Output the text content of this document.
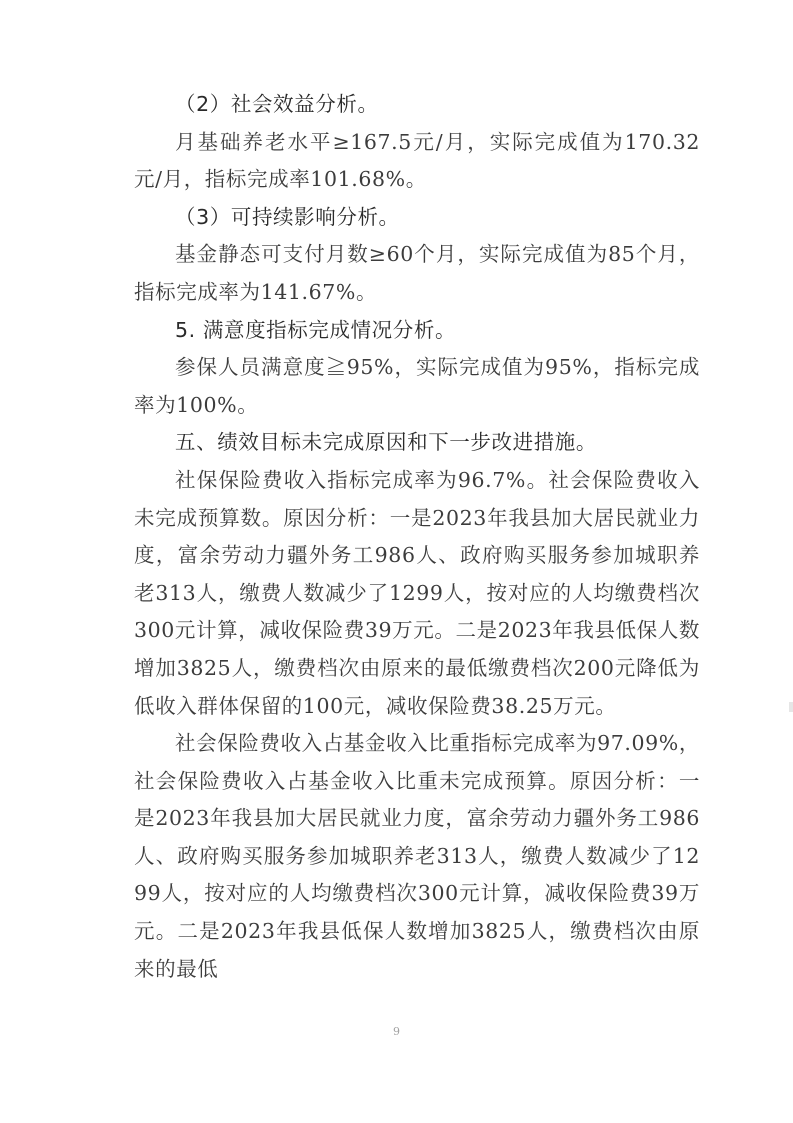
（2）社会效益分析。

月基础养老水平≥167.5元/月，实际完成值为170.32元/月，指标完成率101.68%。

（3）可持续影响分析。

基金静态可支付月数≥60个月，实际完成值为85个月，指标完成率为141.67%。

5. 满意度指标完成情况分析。

参保人员满意度≧95%，实际完成值为95%，指标完成率为100%。

五、绩效目标未完成原因和下一步改进措施。

社保保险费收入指标完成率为96.7%。社会保险费收入未完成预算数。原因分析：一是2023年我县加大居民就业力度，富余劳动力疆外务工986人、政府购买服务参加城职养老313人，缴费人数减少了1299人，按对应的人均缴费档次300元计算，减收保险费39万元。二是2023年我县低保人数增加3825人，缴费档次由原来的最低缴费档次200元降低为低收入群体保留的100元，减收保险费38.25万元。

社会保险费收入占基金收入比重指标完成率为97.09%，社会保险费收入占基金收入比重未完成预算。原因分析：一是2023年我县加大居民就业力度，富余劳动力疆外务工986人、政府购买服务参加城职养老313人，缴费人数减少了1299人，按对应的人均缴费档次300元计算，减收保险费39万元。二是2023年我县低保人数增加3825人，缴费档次由原来的最低

9
